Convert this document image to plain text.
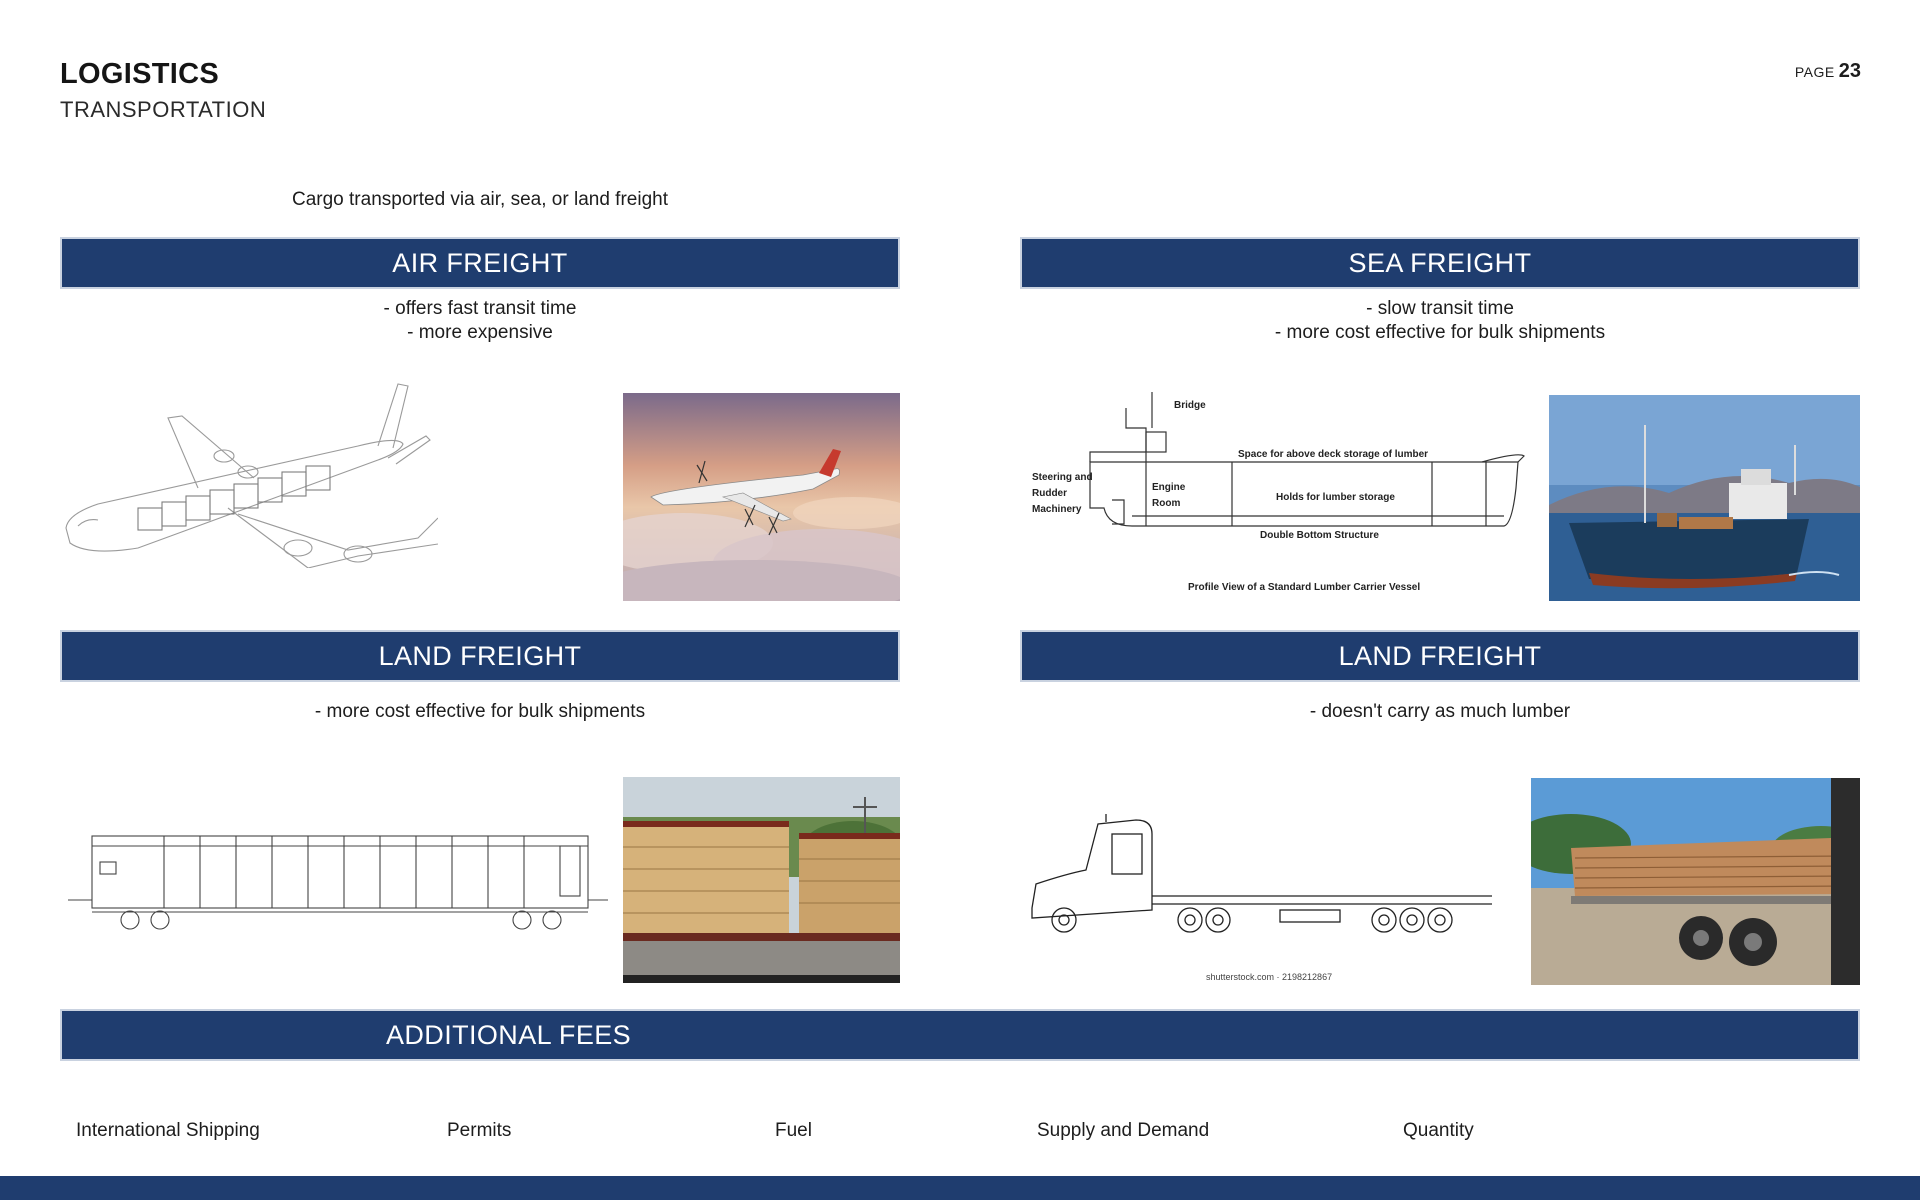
LOGISTICS
TRANSPORTATION
PAGE 23
Cargo transported via air, sea, or land freight
AIR FREIGHT
- offers fast transit time
- more expensive
SEA FREIGHT
- slow transit time
- more cost effective for bulk shipments
Bridge
Space for above deck storage of lumber
Steering and
Rudder
Machinery
Engine
Room
Holds for lumber storage
Double Bottom Structure
Profile View of a Standard Lumber Carrier Vessel
LAND FREIGHT
- more cost effective for bulk shipments
LAND FREIGHT
- doesn't carry as much lumber
shutterstock.com · 2198212867
ADDITIONAL FEES
International Shipping	Permits	Fuel	Supply and Demand	Quantity
